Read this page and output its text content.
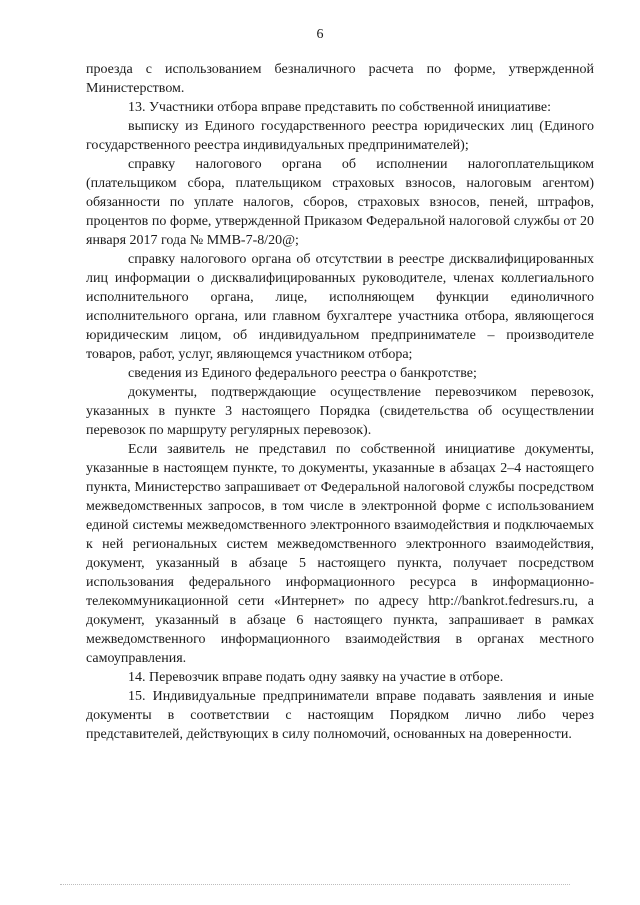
6

проезда с использованием безналичного расчета по форме, утвержденной Министерством.

13. Участники отбора вправе представить по собственной инициативе:

выписку из Единого государственного реестра юридических лиц (Единого государственного реестра индивидуальных предпринимателей);

справку налогового органа об исполнении налогоплательщиком (плательщиком сбора, плательщиком страховых взносов, налоговым агентом) обязанности по уплате налогов, сборов, страховых взносов, пеней, штрафов, процентов по форме, утвержденной Приказом Федеральной налоговой службы от 20 января 2017 года № ММВ-7-8/20@;

справку налогового органа об отсутствии в реестре дисквалифицированных лиц информации о дисквалифицированных руководителе, членах коллегиального исполнительного органа, лице, исполняющем функции единоличного исполнительного органа, или главном бухгалтере участника отбора, являющегося юридическим лицом, об индивидуальном предпринимателе – производителе товаров, работ, услуг, являющемся участником отбора;

сведения из Единого федерального реестра о банкротстве;

документы, подтверждающие осуществление перевозчиком перевозок, указанных в пункте 3 настоящего Порядка (свидетельства об осуществлении перевозок по маршруту регулярных перевозок).

Если заявитель не представил по собственной инициативе документы, указанные в настоящем пункте, то документы, указанные в абзацах 2–4 настоящего пункта, Министерство запрашивает от Федеральной налоговой службы посредством межведомственных запросов, в том числе в электронной форме с использованием единой системы межведомственного электронного взаимодействия и подключаемых к ней региональных систем межведомственного электронного взаимодействия, документ, указанный в абзаце 5 настоящего пункта, получает посредством использования федерального информационного ресурса в информационно-телекоммуникационной сети «Интернет» по адресу http://bankrot.fedresurs.ru, а документ, указанный в абзаце 6 настоящего пункта, запрашивает в рамках межведомственного информационного взаимодействия в органах местного самоуправления.

14. Перевозчик вправе подать одну заявку на участие в отборе.

15. Индивидуальные предприниматели вправе подавать заявления и иные документы в соответствии с настоящим Порядком лично либо через представителей, действующих в силу полномочий, основанных на доверенности.
